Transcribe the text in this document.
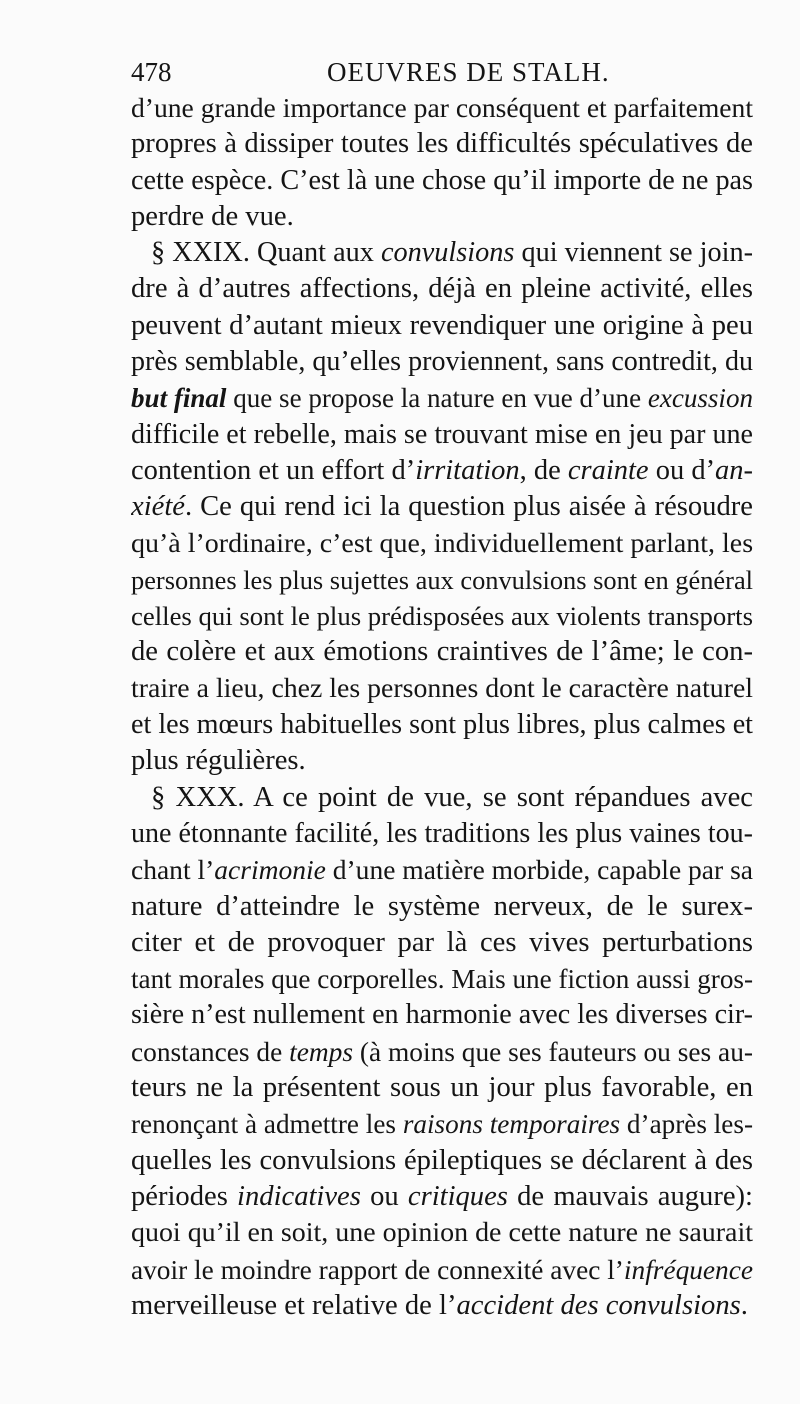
478	OEUVRES DE STALH.
d’une grande importance par conséquent et parfaitement
propres à dissiper toutes les difficultés spéculatives de
cette espèce. C’est là une chose qu’il importe de ne pas
perdre de vue.
§ XXIX. Quant aux convulsions qui viennent se join-
dre à d’autres affections, déjà en pleine activité, elles
peuvent d’autant mieux revendiquer une origine à peu
près semblable, qu’elles proviennent, sans contredit, du
but final que se propose la nature en vue d’une excussion
difficile et rebelle, mais se trouvant mise en jeu par une
contention et un effort d’irritation, de crainte ou d’an-
xiété. Ce qui rend ici la question plus aisée à résoudre
qu’à l’ordinaire, c’est que, individuellement parlant, les
personnes les plus sujettes aux convulsions sont en général
celles qui sont le plus prédisposées aux violents transports
de colère et aux émotions craintives de l’âme; le con-
traire a lieu, chez les personnes dont le caractère naturel
et les mœurs habituelles sont plus libres, plus calmes et
plus régulières.
§ XXX. A ce point de vue, se sont répandues avec
une étonnante facilité, les traditions les plus vaines tou-
chant l’acrimonie d’une matière morbide, capable par sa
nature d’atteindre le système nerveux, de le surex-
citer et de provoquer par là ces vives perturbations
tant morales que corporelles. Mais une fiction aussi gros-
sière n’est nullement en harmonie avec les diverses cir-
constances de temps (à moins que ses fauteurs ou ses au-
teurs ne la présentent sous un jour plus favorable, en
renonçant à admettre les raisons temporaires d’après les-
quelles les convulsions épileptiques se déclarent à des
périodes indicatives ou critiques de mauvais augure):
quoi qu’il en soit, une opinion de cette nature ne saurait
avoir le moindre rapport de connexité avec l’infréquence
merveilleuse et relative de l’accident des convulsions.
